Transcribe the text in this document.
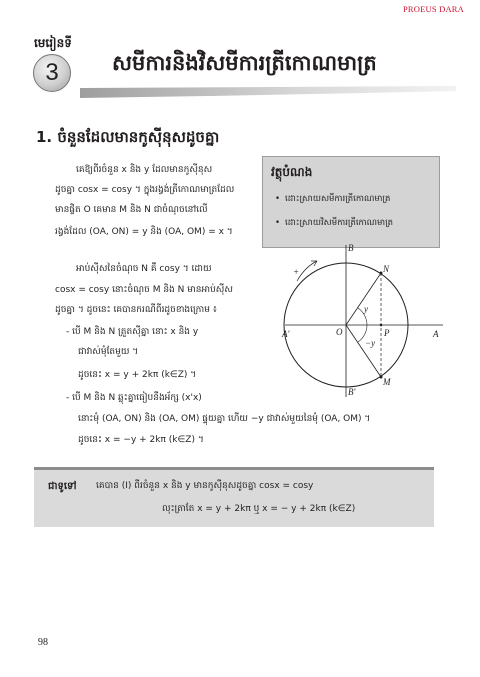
PROEUS DARA
មេរៀនទី
3	សមីការនិងវិសមីការត្រីកោណមាត្រ
1. ចំនួនដែលមានកូស៊ីនុសដូចគ្នា
គេឱ្យពីរចំនួន x និង y ដែលមានកូស៊ីនុស
ដូចគ្នា cosx = cosy ។ ក្នុងរង្វង់ត្រីកោណមាត្រដែល
មានផ្ចិត O គេមាន M និង N ជាចំណុចនៅលើ
រង្វង់ដែល (OA, ON) = y និង (OA, OM) = x ។
វត្ថុបំណង
• ដោះស្រាយសមីការត្រីកោណមាត្រ
• ដោះស្រាយវិសមីការត្រីកោណមាត្រ
អាប់ស៊ីសនៃចំណុច N គឺ cosy ។ ដោយ
cosx = cosy នោះចំណុច M និង N មានអាប់ស៊ីស
ដូចគ្នា ។ ដូចនេះ គេបានករណីពីរដូចខាងក្រោម ៖
- បើ M និង N ត្រួតស៊ីគ្នា នោះ x និង y
ជាវាស់មុំតែមួយ ។
ដូចនេះ x = y + 2kπ (k∈Z) ។
- បើ M និង N ឆ្លុះគ្នាធៀបនឹងអ័ក្ស (x'x)
នោះមុំ (OA, ON) និង (OA, OM) ផ្ទុយគ្នា ហើយ −y ជាវាស់មួយនៃមុំ (OA, OM) ។
ដូចនេះ x = −y + 2kπ (k∈Z) ។
B
B'
A
A'	O
N
M
P
y
−y
+
ជាទូទៅ គេបាន (I) ពីរចំនួន x និង y មានកូស៊ីនុសដូចគ្នា cosx = cosy
លុះត្រាតែ x = y + 2kπ ឬ x = − y + 2kπ (k∈Z)
98
